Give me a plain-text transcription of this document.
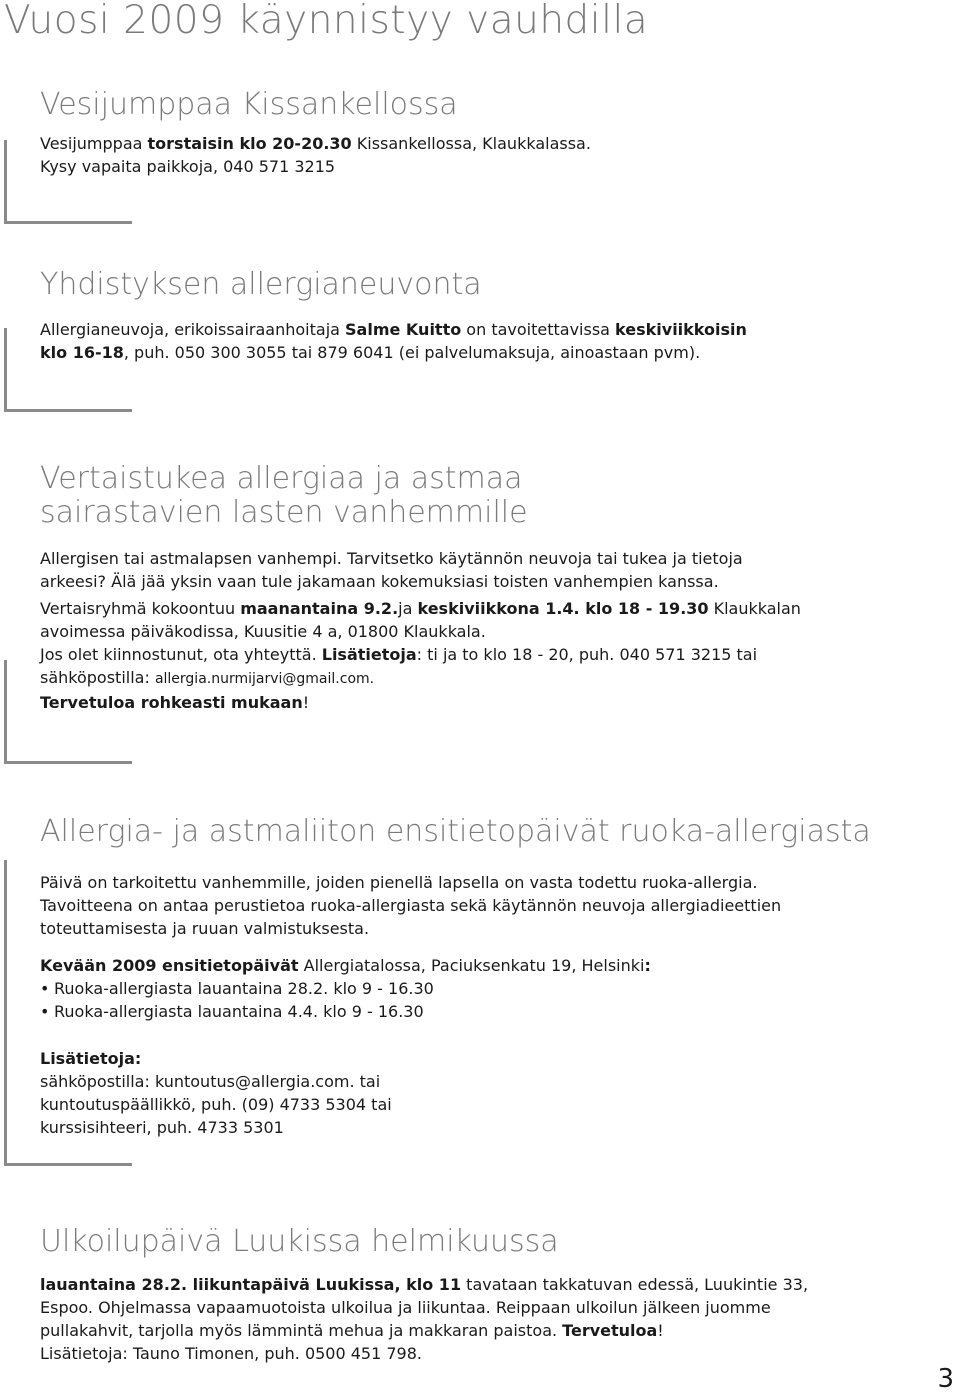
Vuosi 2009 käynnistyy vauhdilla
Vesijumppaa Kissankellossa

Vesijumppaa torstaisin klo 20-20.30 Kissankellossa, Klaukkalassa.

Kysy vapaita paikkoja, 040 571 3215

Yhdistyksen allergianeuvonta

Allergianeuvoja, erikoissairaanhoitaja Salme Kuitto on tavoitettavissa keskiviikkoisin

klo 16-18, puh. 050 300 3055 tai 879 6041 (ei palvelumaksuja, ainoastaan pvm).

Vertaistukea allergiaa ja astmaa
sairastavien lasten vanhemmille

Allergisen tai astmalapsen vanhempi. Tarvitsetko käytännön neuvoja tai tukea ja tietoja

arkeesi? Älä jää yksin vaan tule jakamaan kokemuksiasi toisten vanhempien kanssa.

Vertaisryhmä kokoontuu maanantaina 9.2.ja keskiviikkona 1.4. klo 18 - 19.30 Klaukkalan

avoimessa päiväkodissa, Kuusitie 4 a, 01800 Klaukkala.

Jos olet kiinnostunut, ota yhteyttä. Lisätietoja: ti ja to klo 18 - 20, puh. 040 571 3215 tai

sähköpostilla: allergia.nurmijarvi@gmail.com.

Tervetuloa rohkeasti mukaan!

Allergia- ja astmaliiton ensitietopäivät ruoka-allergiasta

Päivä on tarkoitettu vanhemmille, joiden pienellä lapsella on vasta todettu ruoka-allergia.

Tavoitteena on antaa perustietoa ruoka-allergiasta sekä käytännön neuvoja allergiadieettien

toteuttamisesta ja ruuan valmistuksesta.

Kevään 2009 ensitietopäivät Allergiatalossa, Paciuksenkatu 19, Helsinki:

• Ruoka-allergiasta lauantaina 28.2. klo 9 - 16.30
• Ruoka-allergiasta lauantaina 4.4. klo 9 - 16.30

Lisätietoja:

sähköpostilla: kuntoutus@allergia.com. tai

kuntoutuspäällikkö, puh. (09) 4733 5304 tai

kurssisihteeri, puh. 4733 5301

Ulkoilupäivä Luukissa helmikuussa

lauantaina 28.2. liikuntapäivä Luukissa, klo 11 tavataan takkatuvan edessä, Luukintie 33,

Espoo. Ohjelmassa vapaamuotoista ulkoilua ja liikuntaa. Reippaan ulkoilun jälkeen juomme

pullakahvit, tarjolla myös lämmintä mehua ja makkaran paistoa. Tervetuloa!

Lisätietoja: Tauno Timonen, puh. 0500 451 798.

3
